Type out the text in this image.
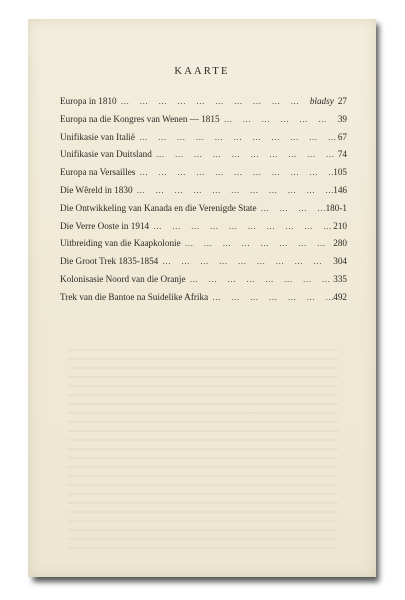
KAARTE
Europa in 1810 … … … … … … … … … … … … …	bladsy 27
Europa na die Kongres van Wenen — 1815 … … … … … … … … … … … … …	39
Unifikasie van Italië … … … … … … … … … … … … …	67
Unifikasie van Duitsland … … … … … … … … … … … … …	74
Europa na Versailles … … … … … … … … … … … … …	105
Die Wêreld in 1830 … … … … … … … … … … … … …	146
Die Ontwikkeling van Kanada en die Verenigde State … … … … … … … … … … … … …	180-1
Die Verre Ooste in 1914 … … … … … … … … … … … … …	210
Uitbreiding van die Kaapkolonie … … … … … … … … … … … … …	280
Die Groot Trek 1835-1854 … … … … … … … … … … … … …	304
Kolonisasie Noord van die Oranje … … … … … … … … … … … … …	335
Trek van die Bantoe na Suidelike Afrika … … … … … … … … … … … … …	492
